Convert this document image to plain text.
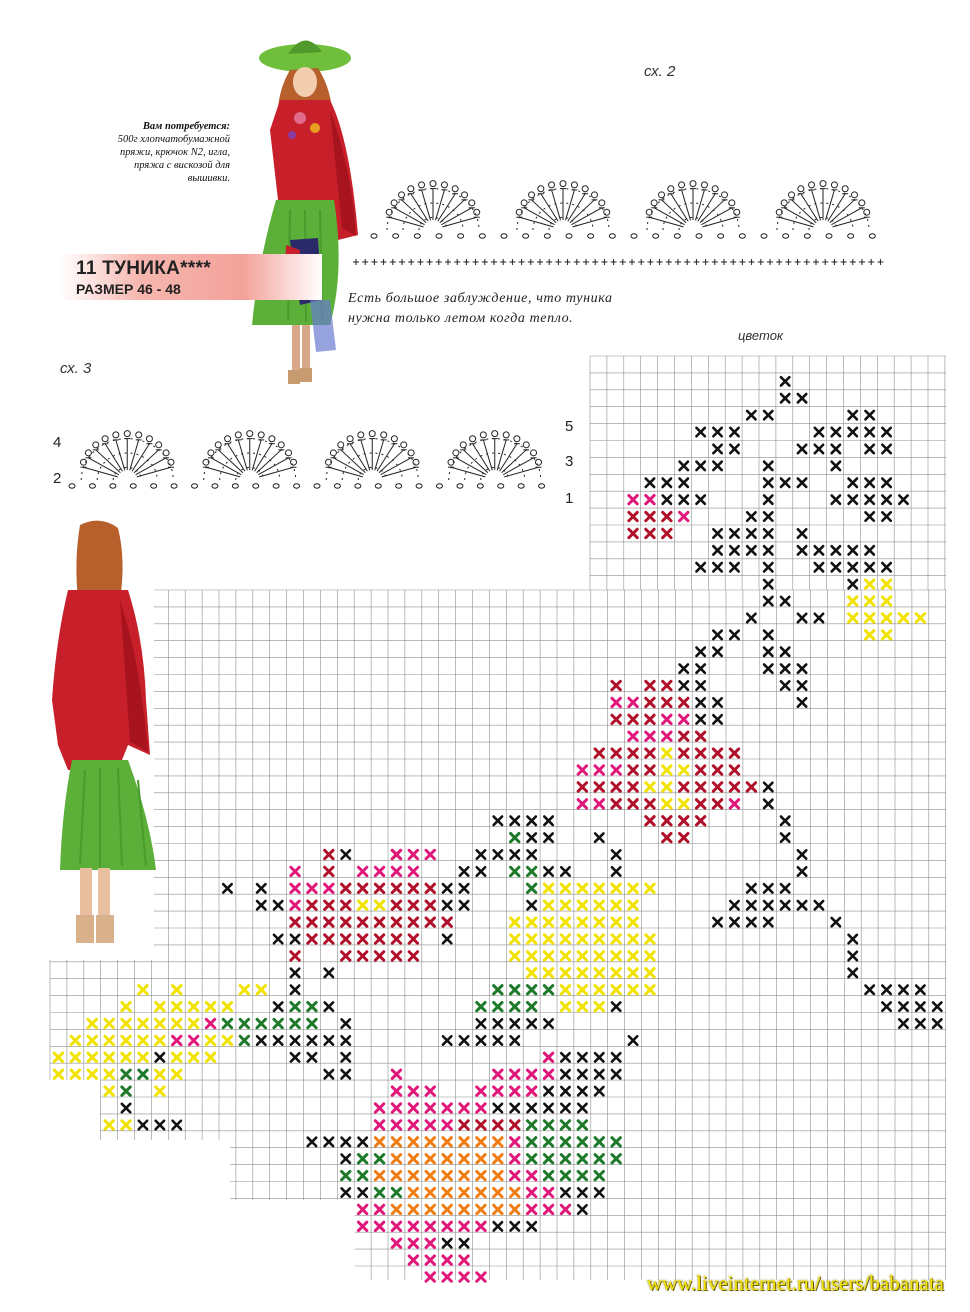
Вам потребуется:
500г хлопчатобумажной
пряжи, крючок N2, игла,
пряжа с вискозой для
вышивки.
11 ТУНИКА****
РАЗМЕР 46 - 48
сх. 2
Есть большое заблуждение, что туника
нужна только летом когда тепло.
цветок
сх. 3
4
2
5
3
1
www.liveinternet.ru/users/babanata
